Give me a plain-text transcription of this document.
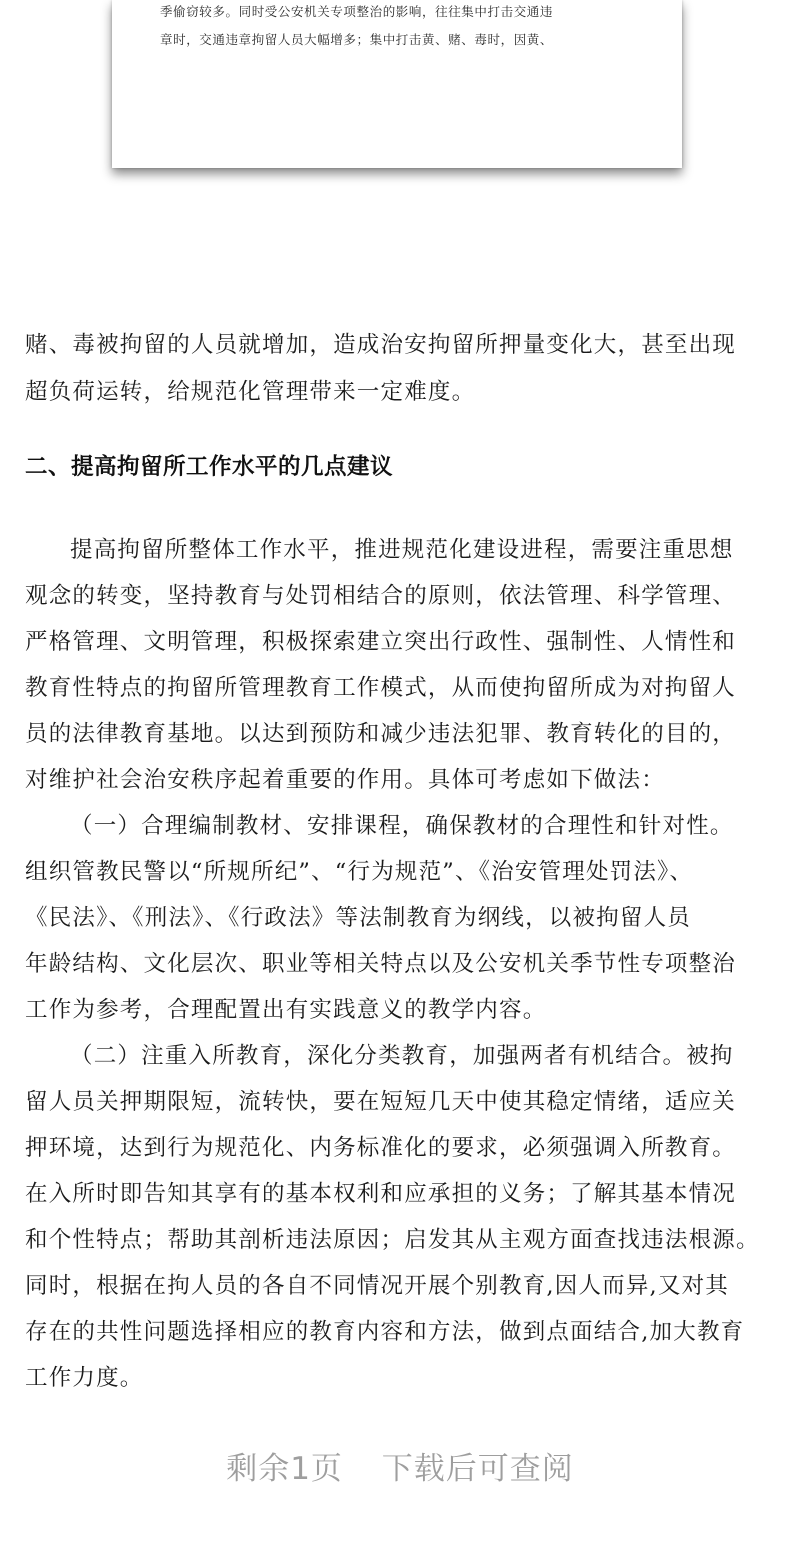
季偷窃较多。同时受公安机关专项整治的影响，往往集中打击交通违
章时，交通违章拘留人员大幅增多；集中打击黄、赌、毒时，因黄、
赌、毒被拘留的人员就增加，造成治安拘留所押量变化大，甚至出现
超负荷运转，给规范化管理带来一定难度。
二、提高拘留所工作水平的几点建议
提高拘留所整体工作水平，推进规范化建设进程，需要注重思想
观念的转变，坚持教育与处罚相结合的原则，依法管理、科学管理、
严格管理、文明管理，积极探索建立突出行政性、强制性、人情性和
教育性特点的拘留所管理教育工作模式，从而使拘留所成为对拘留人
员的法律教育基地。以达到预防和减少违法犯罪、教育转化的目的，
对维护社会治安秩序起着重要的作用。具体可考虑如下做法：
（一）合理编制教材、安排课程，确保教材的合理性和针对性。
组织管教民警以“所规所纪”、“行为规范”、《治安管理处罚法》、
《民法》、《刑法》、《行政法》等法制教育为纲线，以被拘留人员
年龄结构、文化层次、职业等相关特点以及公安机关季节性专项整治
工作为参考，合理配置出有实践意义的教学内容。
（二）注重入所教育，深化分类教育，加强两者有机结合。被拘
留人员关押期限短，流转快，要在短短几天中使其稳定情绪，适应关
押环境，达到行为规范化、内务标准化的要求，必须强调入所教育。
在入所时即告知其享有的基本权利和应承担的义务；了解其基本情况
和个性特点；帮助其剖析违法原因；启发其从主观方面查找违法根源。
同时，根据在拘人员的各自不同情况开展个别教育,因人而异,又对其
存在的共性问题选择相应的教育内容和方法，做到点面结合,加大教育
工作力度。
剩余1页 下载后可查阅
